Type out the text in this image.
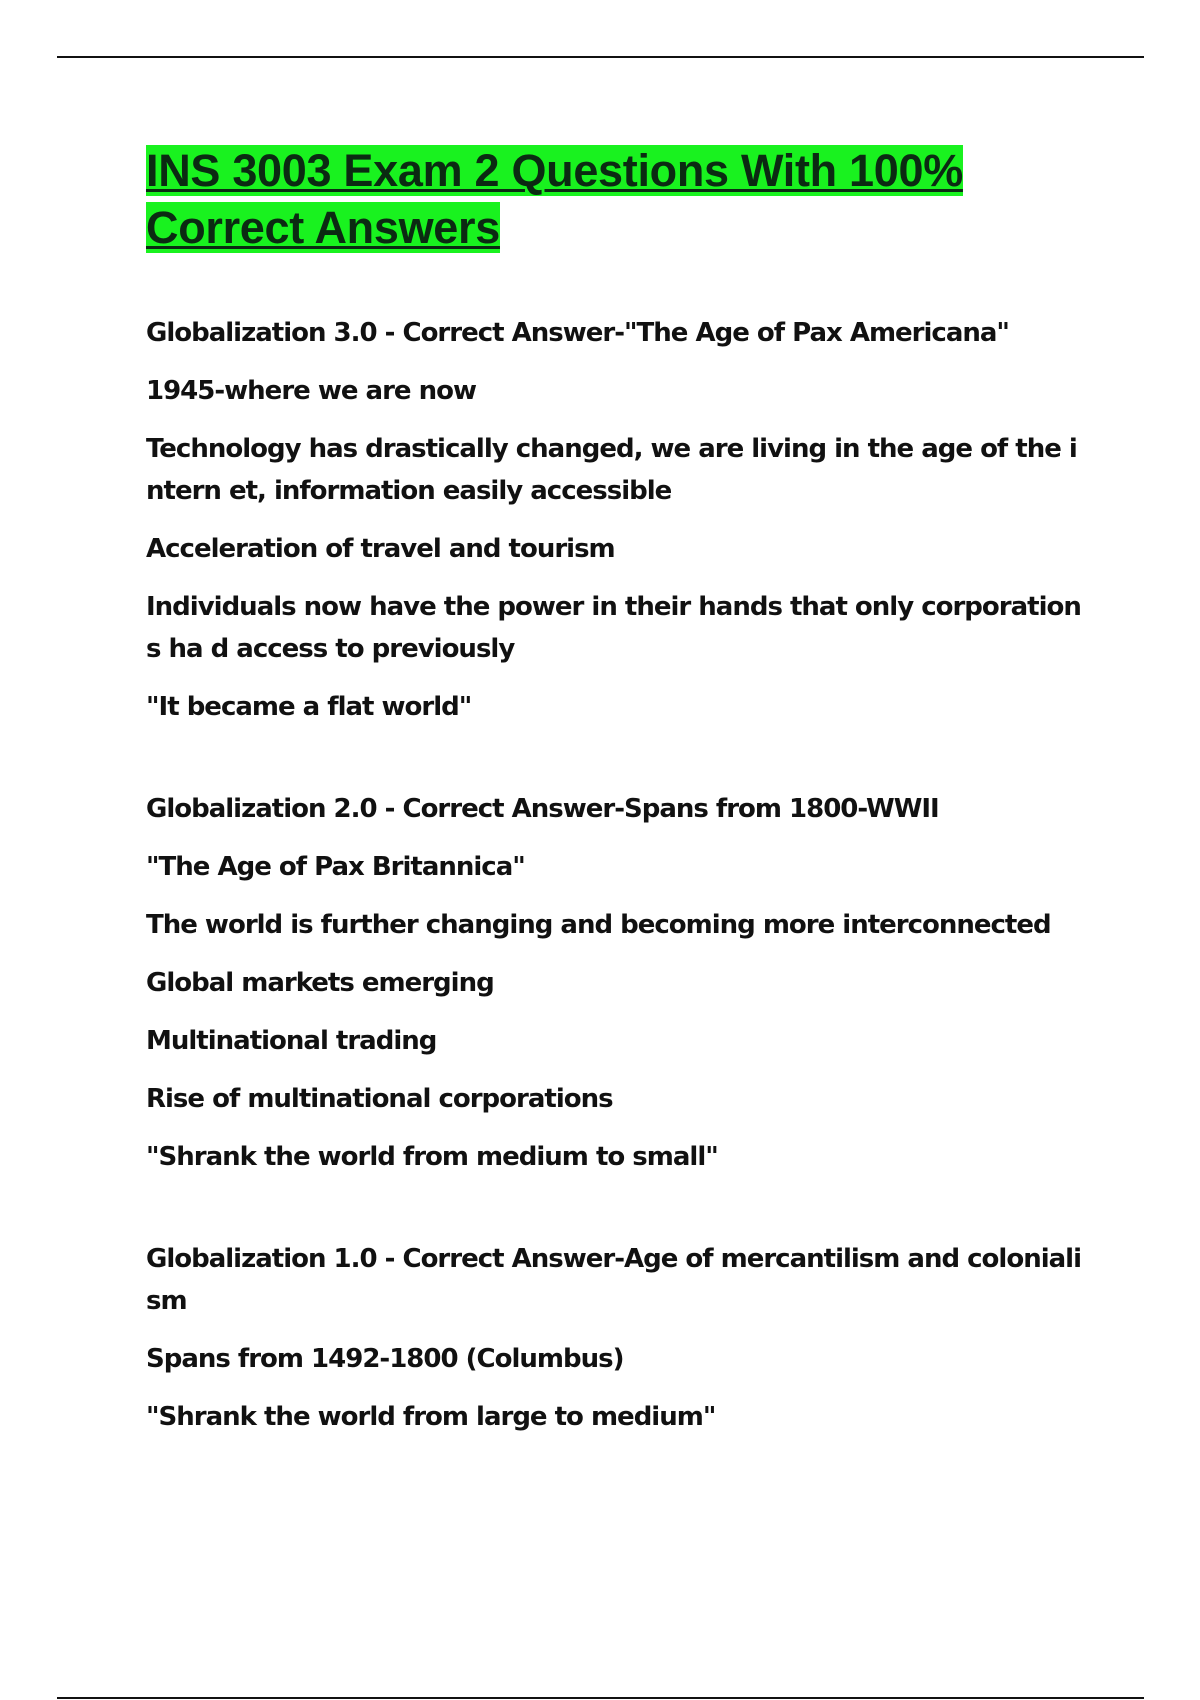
INS 3003 Exam 2 Questions With 100% Correct Answers
Globalization 3.0 - Correct Answer-"The Age of Pax Americana"
1945-where we are now
Technology has drastically changed, we are living in the age of the intern et, information easily accessible
Acceleration of travel and tourism
Individuals now have the power in their hands that only corporations ha d access to previously
"It became a flat world"
Globalization 2.0 - Correct Answer-Spans from 1800-WWII
"The Age of Pax Britannica"
The world is further changing and becoming more interconnected
Global markets emerging
Multinational trading
Rise of multinational corporations
"Shrank the world from medium to small"
Globalization 1.0 - Correct Answer-Age of mercantilism and colonialism
Spans from 1492-1800 (Columbus)
"Shrank the world from large to medium"
